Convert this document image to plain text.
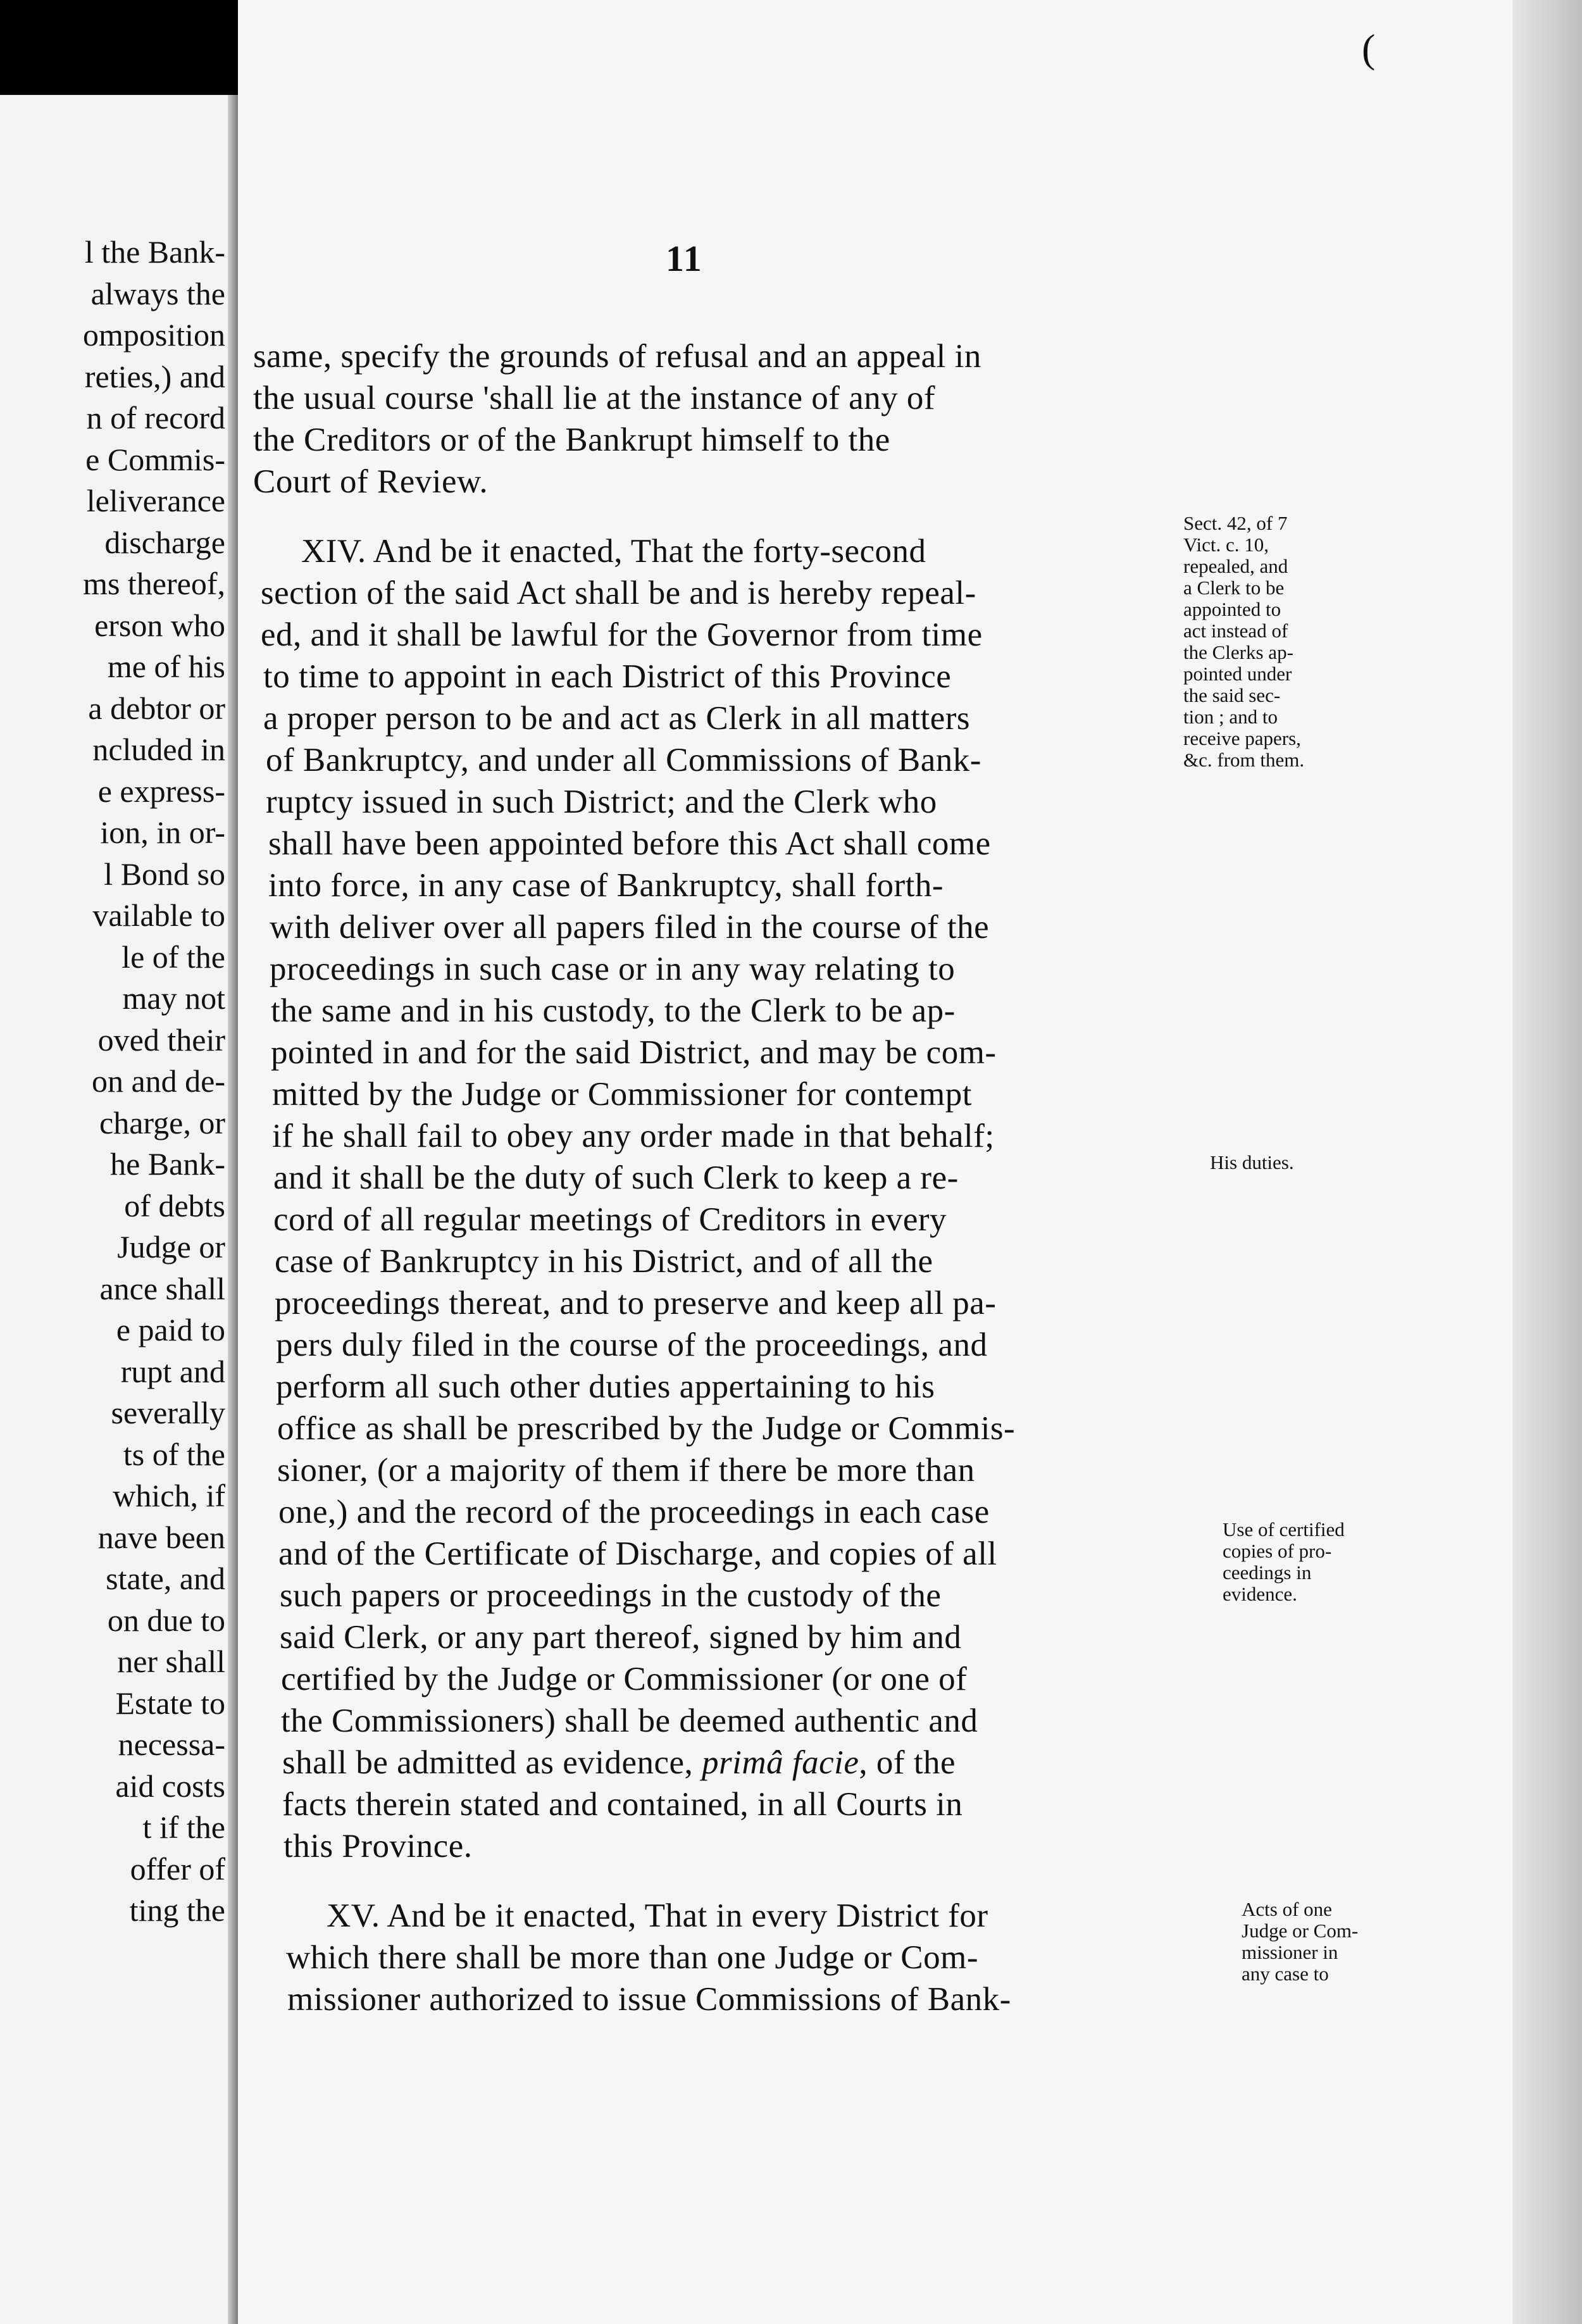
l the Bank-
always the
omposition
reties,) and
n of record
e Commis-
leliverance
discharge
ms thereof,
erson who
me of his
a debtor or
ncluded in
e express-
ion, in or-
l Bond so
vailable to
le of the
may not
oved their
on and de-
charge, or
he Bank-
of debts
Judge or
ance shall
e paid to
rupt and
severally
ts of the
which, if
nave been
state, and
on due to
ner shall
Estate to
necessa-
aid costs
t if the
offer of
ting the
(
11
same, specify the grounds of refusal and an appeal in
the usual course 'shall lie at the instance of any of
the Creditors or of the Bankrupt himself to the
Court of Review.
XIV. And be it enacted, That the forty-second
section of the said Act shall be and is hereby repeal-
ed, and it shall be lawful for the Governor from time
to time to appoint in each District of this Province
a proper person to be and act as Clerk in all matters
of Bankruptcy, and under all Commissions of Bank-
ruptcy issued in such District; and the Clerk who
shall have been appointed before this Act shall come
into force, in any case of Bankruptcy, shall forth-
with deliver over all papers filed in the course of the
proceedings in such case or in any way relating to
the same and in his custody, to the Clerk to be ap-
pointed in and for the said District, and may be com-
mitted by the Judge or Commissioner for contempt
if he shall fail to obey any order made in that behalf;
and it shall be the duty of such Clerk to keep a re-
cord of all regular meetings of Creditors in every
case of Bankruptcy in his District, and of all the
proceedings thereat, and to preserve and keep all pa-
pers duly filed in the course of the proceedings, and
perform all such other duties appertaining to his
office as shall be prescribed by the Judge or Commis-
sioner, (or a majority of them if there be more than
one,) and the record of the proceedings in each case
and of the Certificate of Discharge, and copies of all
such papers or proceedings in the custody of the
said Clerk, or any part thereof, signed by him and
certified by the Judge or Commissioner (or one of
the Commissioners) shall be deemed authentic and
shall be admitted as evidence, primâ facie, of the
facts therein stated and contained, in all Courts in
this Province.
XV. And be it enacted, That in every District for
which there shall be more than one Judge or Com-
missioner authorized to issue Commissions of Bank-
Sect. 42, of 7
Vict. c. 10,
repealed, and
a Clerk to be
appointed to
act instead of
the Clerks ap-
pointed under
the said sec-
tion ; and to
receive papers,
&c. from them.
His duties.
Use of certified
copies of pro-
ceedings in
evidence.
Acts of one
Judge or Com-
missioner in
any case to
